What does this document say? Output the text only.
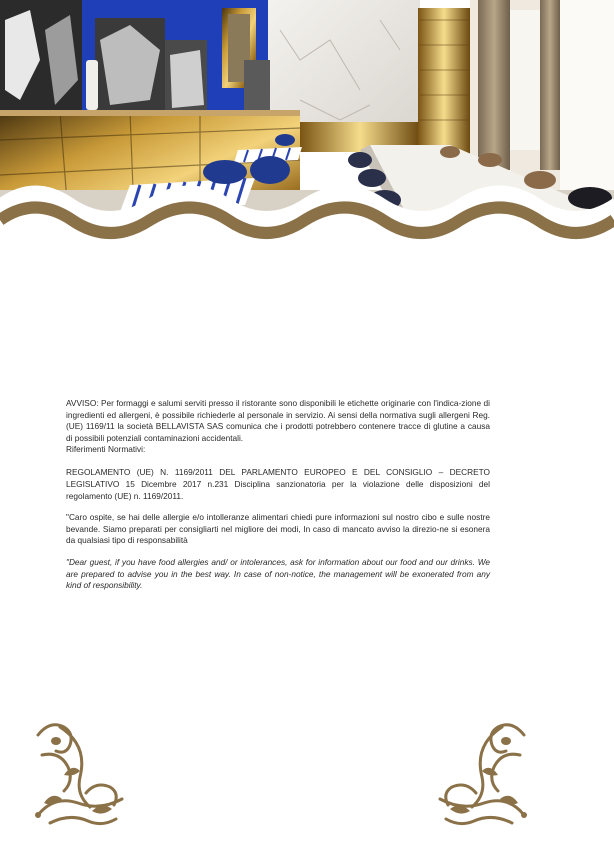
AVVISO: Per formaggi e salumi serviti presso il ristorante sono disponibili le etichette originarie con l'indica-zione di ingredienti ed allergeni, è possibile richiederle al personale in servizio. Ai sensi della normativa sugli allergeni Reg. (UE) 1169/11 la società BELLAVISTA SAS comunica che i prodotti potrebbero contenere tracce di glutine a causa di possibili potenziali contaminazioni accidentali.

Riferimenti Normativi:

REGOLAMENTO (UE) N. 1169/2011 DEL PARLAMENTO EUROPEO E DEL CONSIGLIO – DECRETO LEGISLATIVO 15 Dicembre 2017 n.231 Disciplina sanzionatoria per la violazione delle disposizioni del regolamento (UE) n. 1169/2011.

"Caro ospite, se hai delle allergie e/o intolleranze alimentari chiedi pure informazioni sul nostro cibo e sulle nostre bevande. Siamo preparati per consigliarti nel migliore dei modi, In caso di mancato avviso la direzio-ne si esonera da qualsiasi tipo di responsabilità

"Dear guest, if you have food allergies and/ or intolerances, ask for information about our food and our drinks. We are prepared to advise you in the best way. In case of non-notice, the management will be exonerated from any kind of responsibility.
